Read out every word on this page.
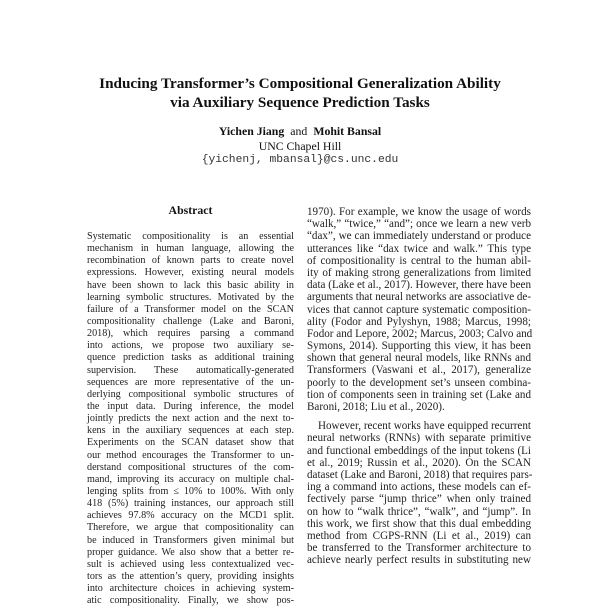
Inducing Transformer’s Compositional Generalization Ability
via Auxiliary Sequence Prediction Tasks
Yichen Jiang and Mohit Bansal
UNC Chapel Hill
{yichenj, mbansal}@cs.unc.edu
Abstract
Systematic compositionality is an essential
mechanism in human language, allowing the
recombination of known parts to create novel
expressions. However, existing neural models
have been shown to lack this basic ability in
learning symbolic structures. Motivated by the
failure of a Transformer model on the SCAN
compositionality challenge (Lake and Baroni,
2018), which requires parsing a command
into actions, we propose two auxiliary se-
quence prediction tasks as additional training
supervision. These automatically-generated
sequences are more representative of the un-
derlying compositional symbolic structures of
the input data. During inference, the model
jointly predicts the next action and the next to-
kens in the auxiliary sequences at each step.
Experiments on the SCAN dataset show that
our method encourages the Transformer to un-
derstand compositional structures of the com-
mand, improving its accuracy on multiple chal-
lenging splits from ≤ 10% to 100%. With only
418 (5%) training instances, our approach still
achieves 97.8% accuracy on the MCD1 split.
Therefore, we argue that compositionality can
be induced in Transformers given minimal but
proper guidance. We also show that a better re-
sult is achieved using less contextualized vec-
tors as the attention’s query, providing insights
into architecture choices in achieving system-
atic compositionality. Finally, we show pos-
1970). For example, we know the usage of words
“walk,” “twice,” “and”; once we learn a new verb
“dax”, we can immediately understand or produce
utterances like “dax twice and walk.” This type
of compositionality is central to the human abil-
ity of making strong generalizations from limited
data (Lake et al., 2017). However, there have been
arguments that neural networks are associative de-
vices that cannot capture systematic composition-
ality (Fodor and Pylyshyn, 1988; Marcus, 1998;
Fodor and Lepore, 2002; Marcus, 2003; Calvo and
Symons, 2014). Supporting this view, it has been
shown that general neural models, like RNNs and
Transformers (Vaswani et al., 2017), generalize
poorly to the development set’s unseen combina-
tion of components seen in training set (Lake and
Baroni, 2018; Liu et al., 2020).
However, recent works have equipped recurrent
neural networks (RNNs) with separate primitive
and functional embeddings of the input tokens (Li
et al., 2019; Russin et al., 2020). On the SCAN
dataset (Lake and Baroni, 2018) that requires pars-
ing a command into actions, these models can ef-
fectively parse “jump thrice” when only trained
on how to “walk thrice”, “walk”, and “jump”. In
this work, we first show that this dual embedding
method from CGPS-RNN (Li et al., 2019) can
be transferred to the Transformer architecture to
achieve nearly perfect results in substituting new
